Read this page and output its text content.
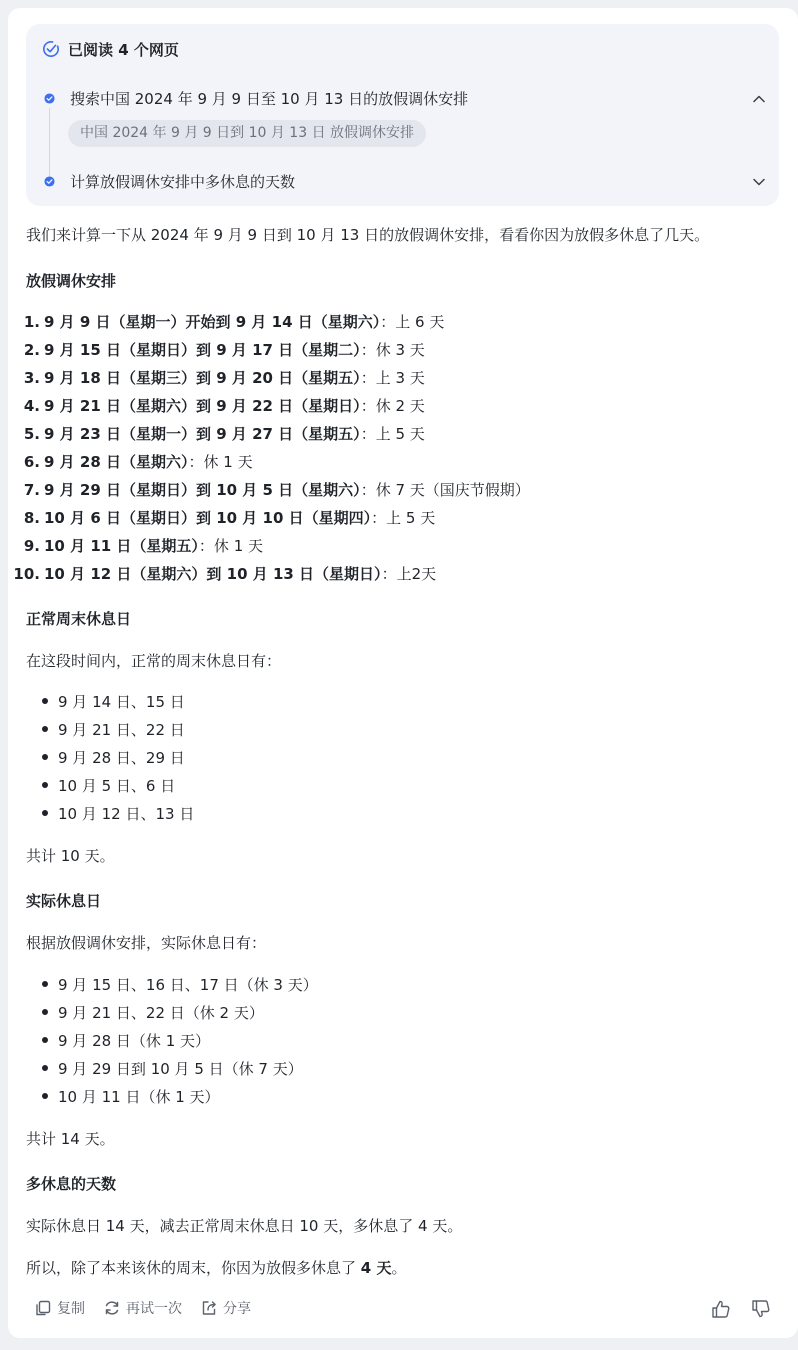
已阅读 4 个网页
搜索中国 2024 年 9 月 9 日至 10 月 13 日的放假调休安排
中国 2024 年 9 月 9 日到 10 月 13 日 放假调休安排
计算放假调休安排中多休息的天数
我们来计算一下从 2024 年 9 月 9 日到 10 月 13 日的放假调休安排，看看你因为放假多休息了几天。
放假调休安排
1. 9 月 9 日（星期一）开始到 9 月 14 日（星期六）：上 6 天
2. 9 月 15 日（星期日）到 9 月 17 日（星期二）：休 3 天
3. 9 月 18 日（星期三）到 9 月 20 日（星期五）：上 3 天
4. 9 月 21 日（星期六）到 9 月 22 日（星期日）：休 2 天
5. 9 月 23 日（星期一）到 9 月 27 日（星期五）：上 5 天
6. 9 月 28 日（星期六）：休 1 天
7. 9 月 29 日（星期日）到 10 月 5 日（星期六）：休 7 天（国庆节假期）
8. 10 月 6 日（星期日）到 10 月 10 日（星期四）：上 5 天
9. 10 月 11 日（星期五）：休 1 天
10. 10 月 12 日（星期六）到 10 月 13 日（星期日）：上2天
正常周末休息日
在这段时间内，正常的周末休息日有：
9 月 14 日、15 日
9 月 21 日、22 日
9 月 28 日、29 日
10 月 5 日、6 日
10 月 12 日、13 日
共计 10 天。
实际休息日
根据放假调休安排，实际休息日有：
9 月 15 日、16 日、17 日（休 3 天）
9 月 21 日、22 日（休 2 天）
9 月 28 日（休 1 天）
9 月 29 日到 10 月 5 日（休 7 天）
10 月 11 日（休 1 天）
共计 14 天。
多休息的天数
实际休息日 14 天，减去正常周末休息日 10 天，多休息了 4 天。
所以，除了本来该休的周末，你因为放假多休息了 4 天。
复制	再试一次	分享
